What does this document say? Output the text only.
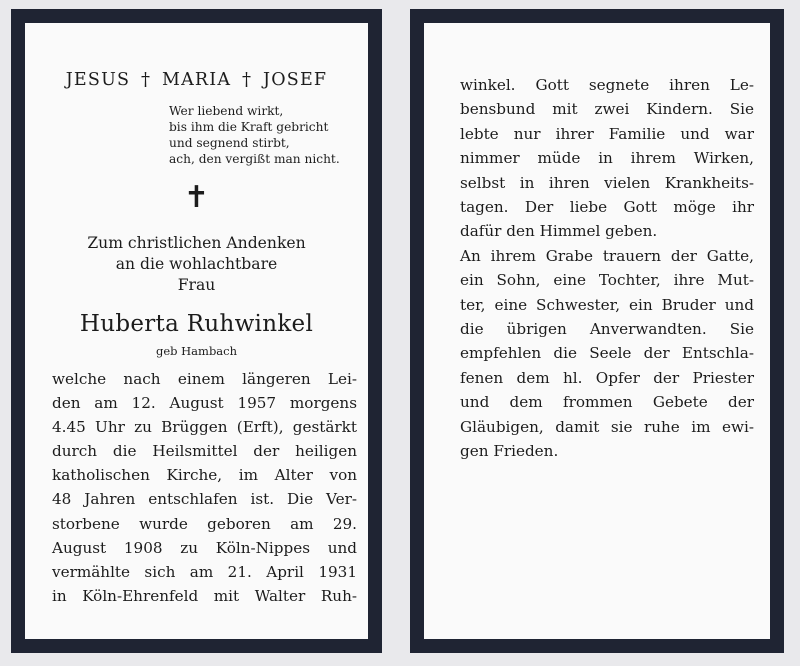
JESUS † MARIA † JOSEF
Wer liebend wirkt,
bis ihm die Kraft gebricht
und segnend stirbt,
ach, den vergißt man nicht.
✝
Zum christlichen Andenken
an die wohlachtbare
Frau
Huberta Ruhwinkel
geb Hambach
welche nach einem längeren Lei-
den am 12. August 1957 morgens
4.45 Uhr zu Brüggen (Erft), gestärkt
durch die Heilsmittel der heiligen
katholischen Kirche, im Alter von
48 Jahren entschlafen ist. Die Ver-
storbene wurde geboren am 29.
August 1908 zu Köln-Nippes und
vermählte sich am 21. April 1931
in Köln-Ehrenfeld mit Walter Ruh-
winkel. Gott segnete ihren Le-
bensbund mit zwei Kindern. Sie
lebte nur ihrer Familie und war
nimmer müde in ihrem Wirken,
selbst in ihren vielen Krankheits-
tagen. Der liebe Gott möge ihr
dafür den Himmel geben.
An ihrem Grabe trauern der Gatte,
ein Sohn, eine Tochter, ihre Mut-
ter, eine Schwester, ein Bruder und
die übrigen Anverwandten. Sie
empfehlen die Seele der Entschla-
fenen dem hl. Opfer der Priester
und dem frommen Gebete der
Gläubigen, damit sie ruhe im ewi-
gen Frieden.
